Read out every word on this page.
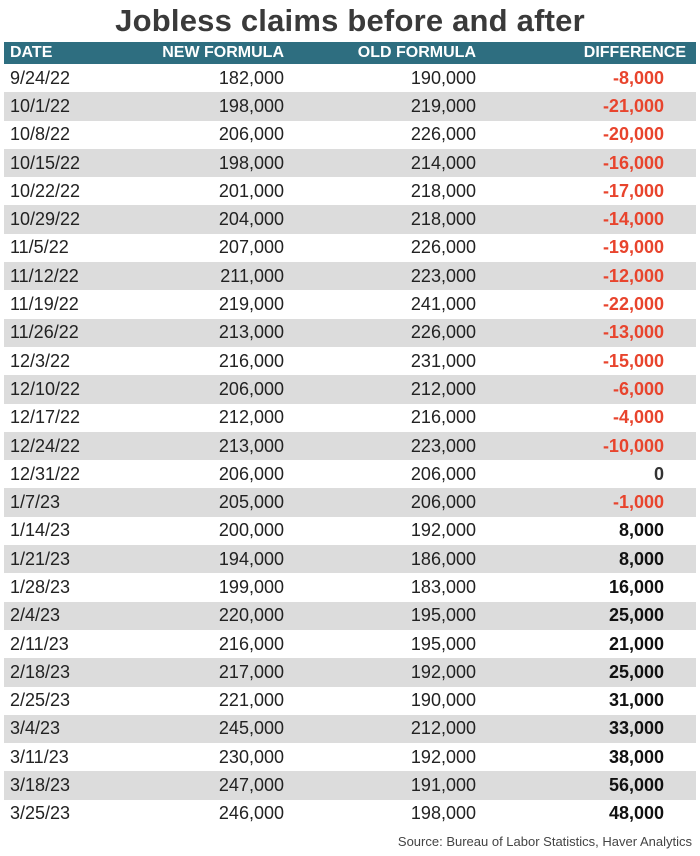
Jobless claims before and after
DATE	NEW FORMULA	OLD FORMULA	DIFFERENCE
9/24/22	182,000	190,000	-8,000
10/1/22	198,000	219,000	-21,000
10/8/22	206,000	226,000	-20,000
10/15/22	198,000	214,000	-16,000
10/22/22	201,000	218,000	-17,000
10/29/22	204,000	218,000	-14,000
11/5/22	207,000	226,000	-19,000
11/12/22	211,000	223,000	-12,000
11/19/22	219,000	241,000	-22,000
11/26/22	213,000	226,000	-13,000
12/3/22	216,000	231,000	-15,000
12/10/22	206,000	212,000	-6,000
12/17/22	212,000	216,000	-4,000
12/24/22	213,000	223,000	-10,000
12/31/22	206,000	206,000	0
1/7/23	205,000	206,000	-1,000
1/14/23	200,000	192,000	8,000
1/21/23	194,000	186,000	8,000
1/28/23	199,000	183,000	16,000
2/4/23	220,000	195,000	25,000
2/11/23	216,000	195,000	21,000
2/18/23	217,000	192,000	25,000
2/25/23	221,000	190,000	31,000
3/4/23	245,000	212,000	33,000
3/11/23	230,000	192,000	38,000
3/18/23	247,000	191,000	56,000
3/25/23	246,000	198,000	48,000
Source: Bureau of Labor Statistics, Haver Analytics
